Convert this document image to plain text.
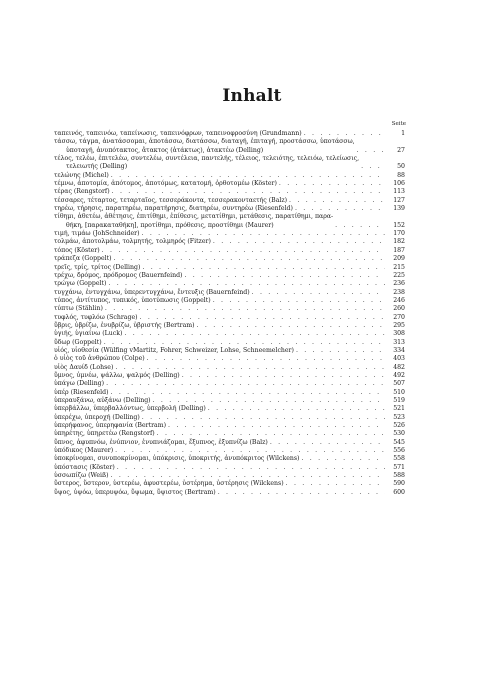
Inhalt
Seite
ταπεινός, ταπεινόω, ταπείνωσις, ταπεινόφρων, ταπεινοφροσύνη (Grundmann) . . .	1
τάσσω, τάγμα, ἀνατάσσομαι, ἀποτάσσω, διατάσσω, διαταγή, ἐπιταγή, προστάσσω, ὑποτάσσω,
ὑποταγή, ἀνυπότακτος, ἄτακτος (ἀτάκτως), ἀτακτέω (Delling) . . .	27
τέλος, τελέω, ἐπιτελέω, συντελέω, συντέλεια, παντελής, τέλειος, τελειότης, τελειόω, τελείωσις,
τελειωτής (Delling) . . .	50
τελώνης (Michel) . . .	88
τέμνω, ἀποτομία, ἀπότομος, ἀποτόμως, κατατομή, ὀρθοτομέω (Köster) . . .	106
τέρας (Rengstorf) . . .	113
τέσσαρες, τέταρτος, τεταρταῖος, τεσσεράκοντα, τεσσερακονταετής (Balz) . . .	127
τηρέω, τήρησις, παρατηρέω, παρατήρησις, διατηρέω, συντηρέω (Riesenfeld) . . .	139
τίθημι, ἀθετέω, ἀθέτησις, ἐπιτίθημι, ἐπίθεσις, μετατίθημι, μετάθεσις, παρατίθημι, παρα-
θήκη, [παρακαταθήκη], προτίθημι, πρόθεσις, προστίθημι (Maurer) . . .	152
τιμή, τιμάω (JohSchneider) . . .	170
τολμάω, ἀποτολμάω, τολμητής, τολμηρός (Fitzer) . . .	182
τόπος (Köster) . . .	187
τράπεζα (Goppelt) . . .	209
τρεῖς, τρίς, τρίτος (Delling) . . .	215
τρέχω, δρόμος, πρόδρομος (Bauernfeind) . . .	225
τρώγω (Goppelt) . . .	236
τυγχάνω, ἐντυγχάνω, ὑπερεντυγχάνω, ἔντευξις (Bauernfeind) . . .	238
τύπος, ἀντίτυπος, τυπικός, ὑποτύπωσις (Goppelt) . . .	246
τύπτω (Stählin) . . .	260
τυφλός, τυφλόω (Schrage) . . .	270
ὕβρις, ὑβρίζω, ἐνυβρίζω, ὑβριστής (Bertram) . . .	295
ὑγιής, ὑγιαίνω (Luck) . . .	308
ὕδωρ (Goppelt) . . .	313
υἱός, υἱοθεσία (Wülfing vMartitz, Fohrer, Schweizer, Lohse, Schneemelcher) . . .	334
ὁ υἱὸς τοῦ ἀνθρώπου (Colpe) . . .	403
υἱὸς Δαυίδ (Lohse) . . .	482
ὕμνος, ὑμνέω, ψάλλω, ψαλμός (Delling) . . .	492
ὑπάγω (Delling) . . .	507
ὑπέρ (Riesenfeld) . . .	510
ὑπεραυξάνω, αὐξάνω (Delling) . . .	519
ὑπερβάλλω, ὑπερβαλλόντως, ὑπερβολή (Delling) . . .	521
ὑπερέχω, ὑπεροχή (Delling) . . .	523
ὑπερήφανος, ὑπερηφανία (Bertram) . . .	526
ὑπηρέτης, ὑπηρετέω (Rengstorf) . . .	530
ὕπνος, ἀφυπνόω, ἐνύπνιον, ἐνυπνιάζομαι, ἔξυπνος, ἐξυπνίζω (Balz) . . .	545
ὑπόδικος (Maurer) . . .	556
ὑποκρίνομαι, συνυποκρίνομαι, ὑπόκρισις, ὑποκριτής, ἀνυπόκριτος (Wilckens) . . .	558
ὑπόστασις (Köster) . . .	571
ὑσσωπίζω (Weiß) . . .	588
ὕστερος, ὕστερον, ὑστερέω, ἀφυστερέω, ὑστέρημα, ὑστέρησις (Wilckens) . . .	590
ὕψος, ὑψόω, ὑπερυψόω, ὕψωμα, ὕψιστος (Bertram) . . .	600
